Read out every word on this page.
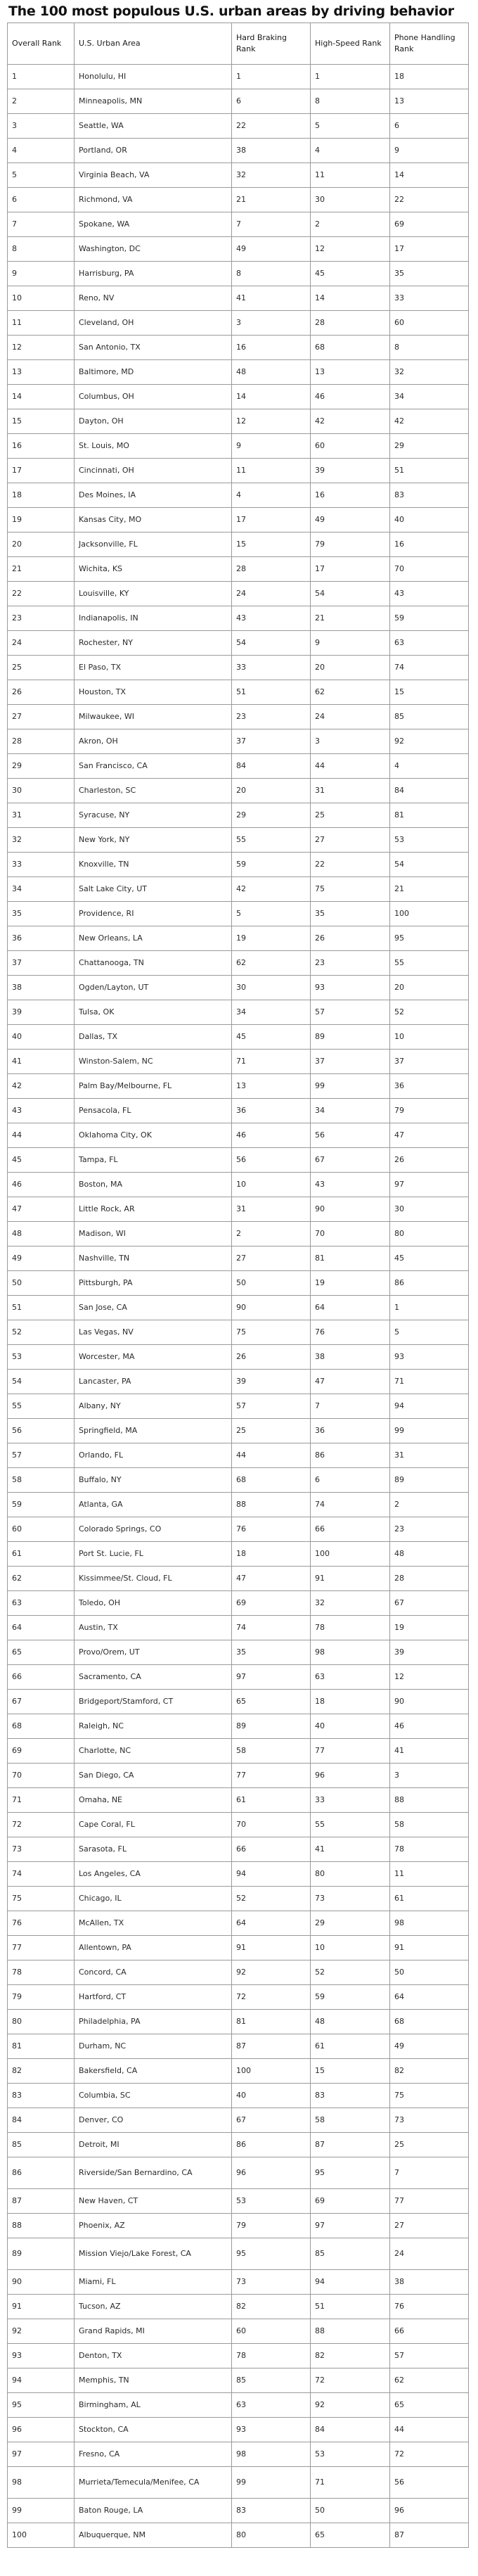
The 100 most populous U.S. urban areas by driving behavior
Overall Rank	U.S. Urban Area	Hard Braking Rank	High-Speed Rank	Phone Handling Rank
1	Honolulu, HI	1	1	18
2	Minneapolis, MN	6	8	13
3	Seattle, WA	22	5	6
4	Portland, OR	38	4	9
5	Virginia Beach, VA	32	11	14
6	Richmond, VA	21	30	22
7	Spokane, WA	7	2	69
8	Washington, DC	49	12	17
9	Harrisburg, PA	8	45	35
10	Reno, NV	41	14	33
11	Cleveland, OH	3	28	60
12	San Antonio, TX	16	68	8
13	Baltimore, MD	48	13	32
14	Columbus, OH	14	46	34
15	Dayton, OH	12	42	42
16	St. Louis, MO	9	60	29
17	Cincinnati, OH	11	39	51
18	Des Moines, IA	4	16	83
19	Kansas City, MO	17	49	40
20	Jacksonville, FL	15	79	16
21	Wichita, KS	28	17	70
22	Louisville, KY	24	54	43
23	Indianapolis, IN	43	21	59
24	Rochester, NY	54	9	63
25	El Paso, TX	33	20	74
26	Houston, TX	51	62	15
27	Milwaukee, WI	23	24	85
28	Akron, OH	37	3	92
29	San Francisco, CA	84	44	4
30	Charleston, SC	20	31	84
31	Syracuse, NY	29	25	81
32	New York, NY	55	27	53
33	Knoxville, TN	59	22	54
34	Salt Lake City, UT	42	75	21
35	Providence, RI	5	35	100
36	New Orleans, LA	19	26	95
37	Chattanooga, TN	62	23	55
38	Ogden/Layton, UT	30	93	20
39	Tulsa, OK	34	57	52
40	Dallas, TX	45	89	10
41	Winston-Salem, NC	71	37	37
42	Palm Bay/Melbourne, FL	13	99	36
43	Pensacola, FL	36	34	79
44	Oklahoma City, OK	46	56	47
45	Tampa, FL	56	67	26
46	Boston, MA	10	43	97
47	Little Rock, AR	31	90	30
48	Madison, WI	2	70	80
49	Nashville, TN	27	81	45
50	Pittsburgh, PA	50	19	86
51	San Jose, CA	90	64	1
52	Las Vegas, NV	75	76	5
53	Worcester, MA	26	38	93
54	Lancaster, PA	39	47	71
55	Albany, NY	57	7	94
56	Springfield, MA	25	36	99
57	Orlando, FL	44	86	31
58	Buffalo, NY	68	6	89
59	Atlanta, GA	88	74	2
60	Colorado Springs, CO	76	66	23
61	Port St. Lucie, FL	18	100	48
62	Kissimmee/St. Cloud, FL	47	91	28
63	Toledo, OH	69	32	67
64	Austin, TX	74	78	19
65	Provo/Orem, UT	35	98	39
66	Sacramento, CA	97	63	12
67	Bridgeport/Stamford, CT	65	18	90
68	Raleigh, NC	89	40	46
69	Charlotte, NC	58	77	41
70	San Diego, CA	77	96	3
71	Omaha, NE	61	33	88
72	Cape Coral, FL	70	55	58
73	Sarasota, FL	66	41	78
74	Los Angeles, CA	94	80	11
75	Chicago, IL	52	73	61
76	McAllen, TX	64	29	98
77	Allentown, PA	91	10	91
78	Concord, CA	92	52	50
79	Hartford, CT	72	59	64
80	Philadelphia, PA	81	48	68
81	Durham, NC	87	61	49
82	Bakersfield, CA	100	15	82
83	Columbia, SC	40	83	75
84	Denver, CO	67	58	73
85	Detroit, MI	86	87	25
86	Riverside/San Bernardino, CA	96	95	7
87	New Haven, CT	53	69	77
88	Phoenix, AZ	79	97	27
89	Mission Viejo/Lake Forest, CA	95	85	24
90	Miami, FL	73	94	38
91	Tucson, AZ	82	51	76
92	Grand Rapids, MI	60	88	66
93	Denton, TX	78	82	57
94	Memphis, TN	85	72	62
95	Birmingham, AL	63	92	65
96	Stockton, CA	93	84	44
97	Fresno, CA	98	53	72
98	Murrieta/Temecula/Menifee, CA	99	71	56
99	Baton Rouge, LA	83	50	96
100	Albuquerque, NM	80	65	87
